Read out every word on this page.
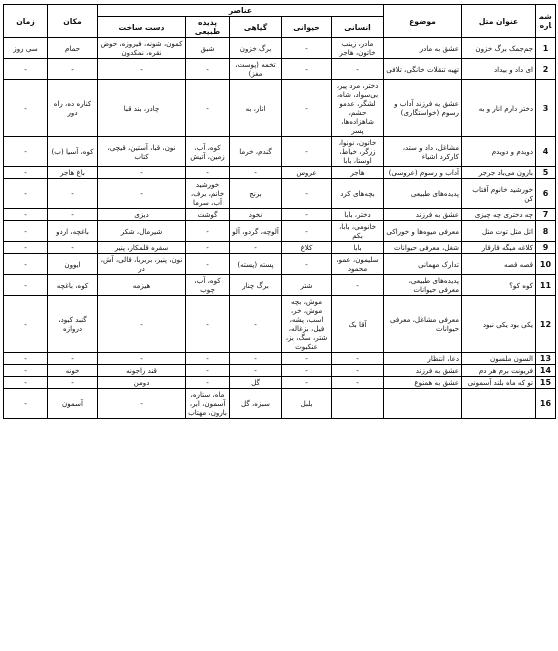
شماره	عنوان متل	موضوع	عناصر					مکان	زمان
			انسانی	حیوانی	گیاهی	پدیده طبیعی	دست ساخت		
1	جم‌جمک برگ خزون	عشق به مادر	مادر، زینب خاتون، هاجر	-	برگ خزون	شبق	کمون، شونه، فیروزه، حوض نقره، نمکدون	حمام	سی روز
2	ای داد و بیداد	تهیه تنقلات خانگی، تلافی	-	-	تخمه (پوست، مغز)	-	-	-	-
3	دختر دارم انار و به	عشق به فرزند آداب و رسوم (خواستگاری)	دختر، مرد پیر، بی‌سواد، شاه، لشگر، عدمو حشم، شاهزاده‌ها، پسر	-	انار، به	-	چادر، بند قبا	کناره ده، راه دور	-
4	دویدم و دویدم	مشاغل، داد و ستد، کارکرد اشیاء	خاتون، نونوا، زرگر، خیاط، اوستا، بابا	-	گندم، خرما	کوه، آب، زمین، آتیش	نون، قبا، آستین، قیچی، کتاب	کوه، آسیا (ب)	-
5	بارون می‌باد جرجر	آداب و رسوم (عروسی)	هاجر	عروس	-	-	-	باغ هاجر	-
6	خورشید خانوم آفتاب کن	پدیده‌های طبیعی	بچه‌های کرد	-	برنج	خورشید خانم، برف، آب، سرما	-	-	-
7	چه دختری چه چیزی	عشق به فرزند	دختر، بابا	-	نخود	گوشت	دیزی	-	-
8	اتل متل توت متل	معرفی میوه‌ها و خوراکی	خانومی، بابا، بکم	-	آلوچه، گردو، آلو	-	شیرمال، شکر	باغچه، اردو	-
9	کلاغه میگه قارقار	شغل، معرفی حیوانات	بابا	کلاغ	-	-	سفره قلمکار، پنیر	-	-
10	قصه قصه	تدارک مهمانی	سلیمون، عمو، محمود	-	پسته (پسته)	-	نون، پنیر، بربربا، قالی، آش، در	ایوون	-
11	کوه کو؟	پدیده‌های طبیعی، معرفی حیوانات	-	شتر	برگ چنار	کوه، آب، چوب	هیزمه	کوه، باغچه	-
12	یکی بود یکی نبود	معرفی مشاغل، معرفی حیوانات	آقا بک	موش، بچه موش، خر، اسب، پشه، فیل، بزغاله، شتر، سگ، بز، عنکبوت	-	-	-	گنبد کبود، دروازه	-
13	السون ملسون	دعا، انتظار	-	-	-	-	-	-	-
14	فریونت برم هر دم	عشق به فرزند	-	-	-	-	قند راجونه	خونه	-
15	تو که ماه بلند آسمونی	عشق به همنوع	-	-	گل	-	دومن	-	-
16				بلبل	سبزه، گل	ماه، ستاره، آسمون، ابر، بارون، مهتاب	-	آسمون	-
